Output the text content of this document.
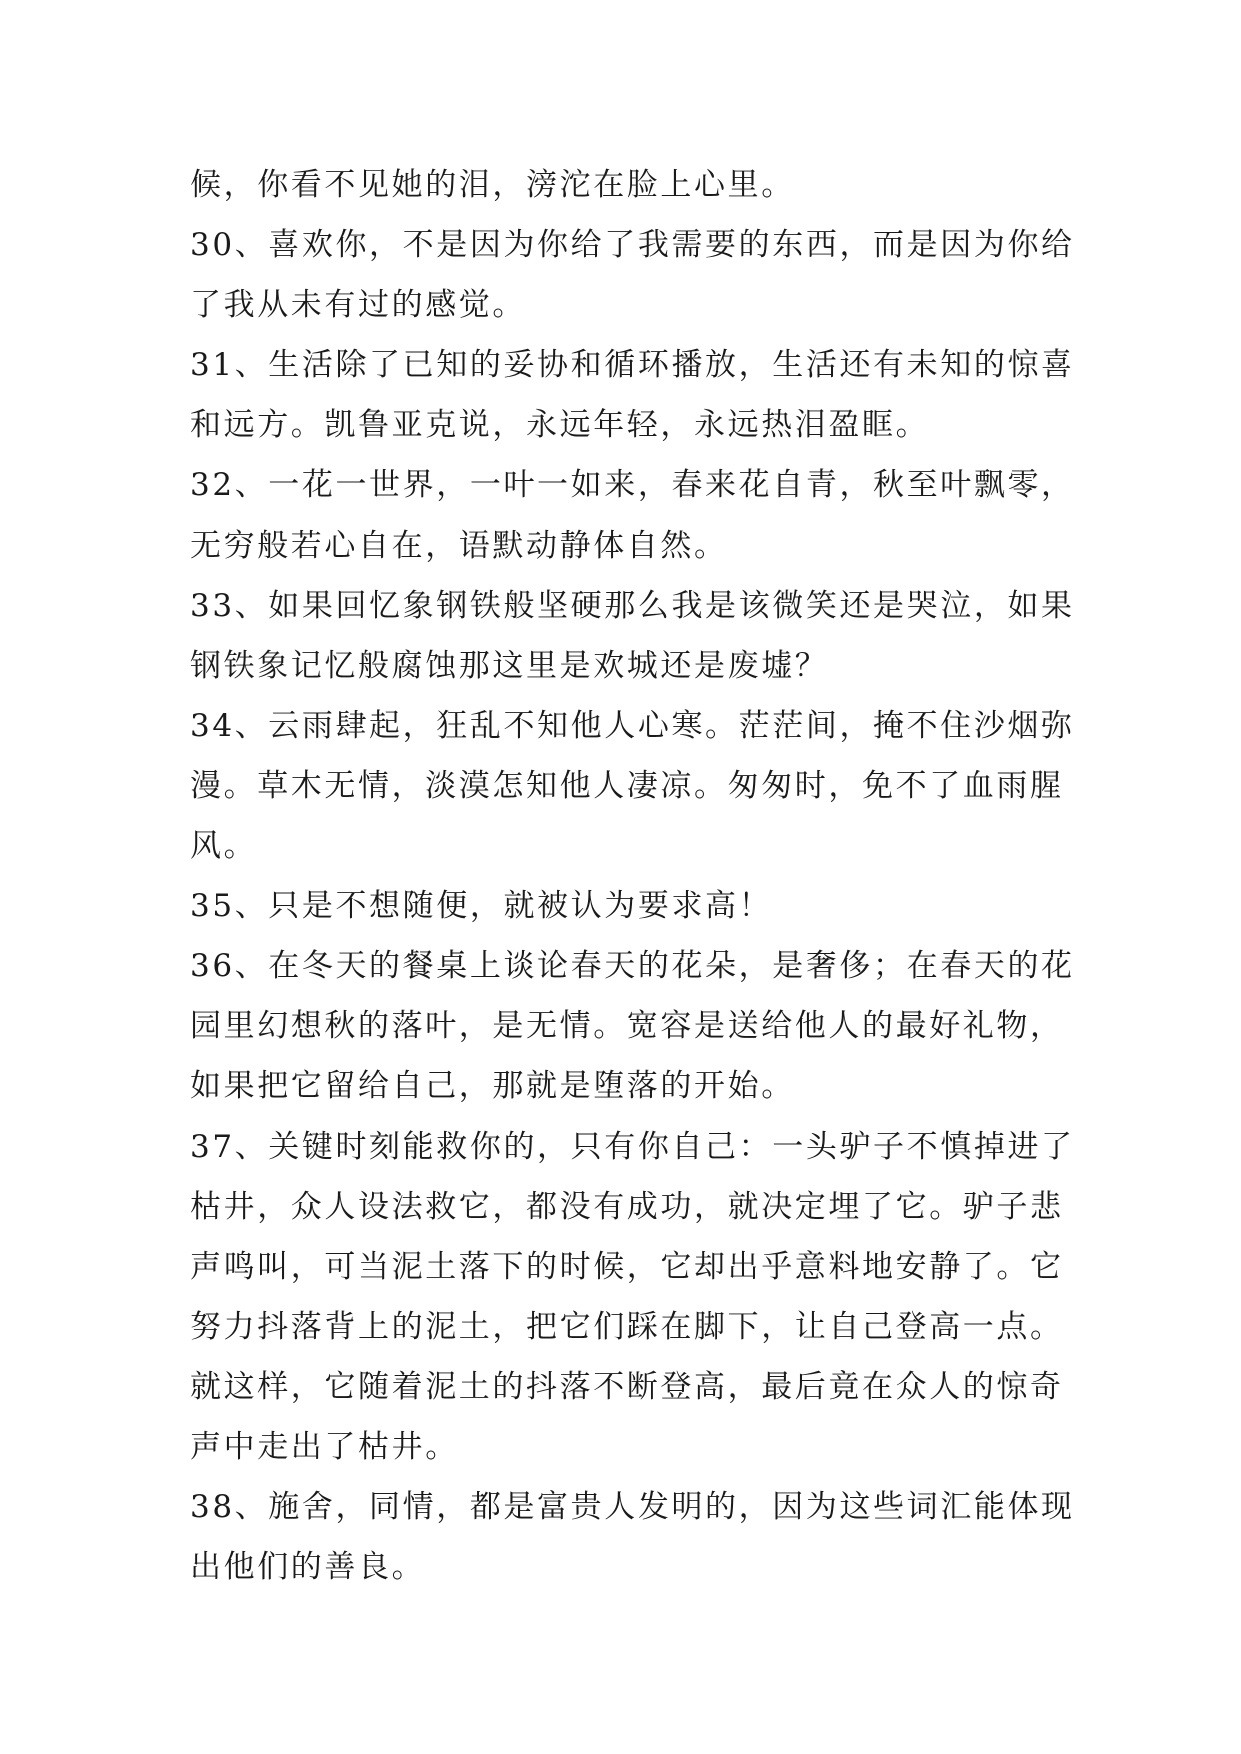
候，你看不见她的泪，滂沱在脸上心里。
30、喜欢你，不是因为你给了我需要的东西，而是因为你给
了我从未有过的感觉。
31、生活除了已知的妥协和循环播放，生活还有未知的惊喜
和远方。凯鲁亚克说，永远年轻，永远热泪盈眶。
32、一花一世界，一叶一如来，春来花自青，秋至叶飘零，
无穷般若心自在，语默动静体自然。
33、如果回忆象钢铁般坚硬那么我是该微笑还是哭泣，如果
钢铁象记忆般腐蚀那这里是欢城还是废墟？
34、云雨肆起，狂乱不知他人心寒。茫茫间，掩不住沙烟弥
漫。草木无情，淡漠怎知他人凄凉。匆匆时，免不了血雨腥
风。
35、只是不想随便，就被认为要求高！
36、在冬天的餐桌上谈论春天的花朵，是奢侈；在春天的花
园里幻想秋的落叶，是无情。宽容是送给他人的最好礼物，
如果把它留给自己，那就是堕落的开始。
37、关键时刻能救你的，只有你自己：一头驴子不慎掉进了
枯井，众人设法救它，都没有成功，就决定埋了它。驴子悲
声鸣叫，可当泥土落下的时候，它却出乎意料地安静了。它
努力抖落背上的泥土，把它们踩在脚下，让自己登高一点。
就这样，它随着泥土的抖落不断登高，最后竟在众人的惊奇
声中走出了枯井。
38、施舍，同情，都是富贵人发明的，因为这些词汇能体现
出他们的善良。
